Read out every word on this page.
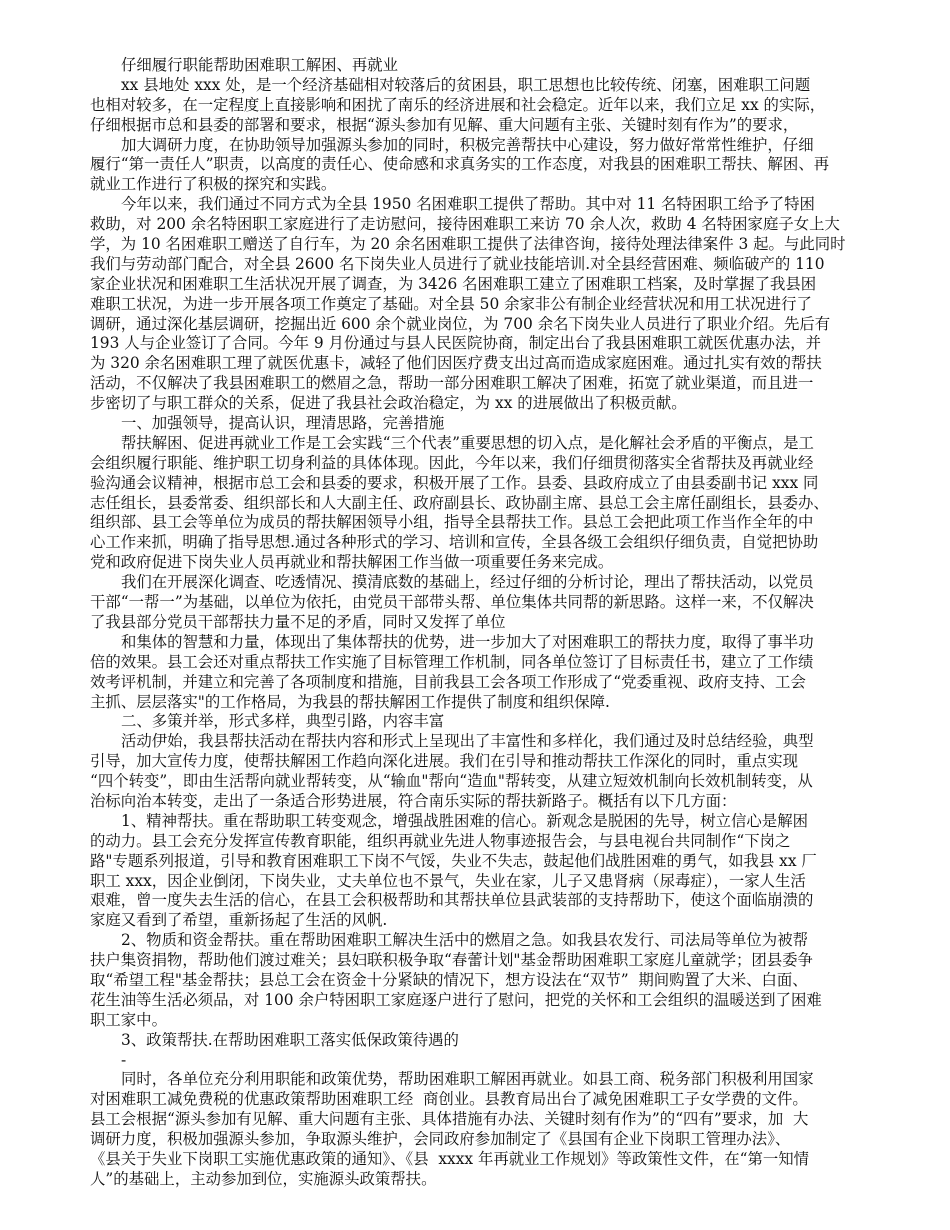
仔细履行职能帮助困难职工解困、再就业
xx 县地处 xxx 处，是一个经济基础相对较落后的贫困县，职工思想也比较传统、闭塞，困难职工问题
也相对较多，在一定程度上直接影响和困扰了南乐的经济进展和社会稳定。近年以来，我们立足 xx 的实际，
仔细根据市总和县委的部署和要求，根据“源头参加有见解、重大问题有主张、关键时刻有作为”的要求，
加大调研力度，在协助领导加强源头参加的同时，积极完善帮扶中心建设，努力做好常常性维护，仔细
履行“第一责任人”职责，以高度的责任心、使命感和求真务实的工作态度，对我县的困难职工帮扶、解困、再
就业工作进行了积极的探究和实践。
今年以来，我们通过不同方式为全县 1950 名困难职工提供了帮助。其中对 11 名特困职工给予了特困
救助，对 200 余名特困职工家庭进行了走访慰问，接待困难职工来访 70 余人次，救助 4 名特困家庭子女上大
学，为 10 名困难职工赠送了自行车，为 20 余名困难职工提供了法律咨询，接待处理法律案件 3 起。与此同时
我们与劳动部门配合，对全县 2600 名下岗失业人员进行了就业技能培训.对全县经营困难、频临破产的 110
家企业状况和困难职工生活状况开展了调查，为 3426 名困难职工建立了困难职工档案，及时掌握了我县困
难职工状况，为进一步开展各项工作奠定了基础。对全县 50 余家非公有制企业经营状况和用工状况进行了
调研，通过深化基层调研，挖掘出近 600 余个就业岗位，为 700 余名下岗失业人员进行了职业介绍。先后有
193 人与企业签订了合同。今年 9 月份通过与县人民医院协商，制定出台了我县困难职工就医优惠办法，并
为 320 余名困难职工理了就医优惠卡，减轻了他们因医疗费支出过高而造成家庭困难。通过扎实有效的帮扶
活动，不仅解决了我县困难职工的燃眉之急，帮助一部分困难职工解决了困难，拓宽了就业渠道，而且进一
步密切了与职工群众的关系，促进了我县社会政治稳定，为 xx 的进展做出了积极贡献。
一、加强领导，提高认识，理清思路，完善措施
帮扶解困、促进再就业工作是工会实践“三个代表”重要思想的切入点，是化解社会矛盾的平衡点，是工
会组织履行职能、维护职工切身利益的具体体现。因此，今年以来，我们仔细贯彻落实全省帮扶及再就业经
验沟通会议精神，根据市总工会和县委的要求，积极开展了工作。县委、县政府成立了由县委副书记 xxx 同
志任组长，县委常委、组织部长和人大副主任、政府副县长、政协副主席、县总工会主席任副组长，县委办、
组织部、县工会等单位为成员的帮扶解困领导小组，指导全县帮扶工作。县总工会把此项工作当作全年的中
心工作来抓，明确了指导思想.通过各种形式的学习、培训和宣传，全县各级工会组织仔细负责，自觉把协助
党和政府促进下岗失业人员再就业和帮扶解困工作当做一项重要任务来完成。
我们在开展深化调查、吃透情况、摸清底数的基础上，经过仔细的分析讨论，理出了帮扶活动，以党员
干部“一帮一”为基础，以单位为依托，由党员干部带头帮、单位集体共同帮的新思路。这样一来，不仅解决
了我县部分党员干部帮扶力量不足的矛盾，同时又发挥了单位
和集体的智慧和力量，体现出了集体帮扶的优势，进一步加大了对困难职工的帮扶力度，取得了事半功
倍的效果。县工会还对重点帮扶工作实施了目标管理工作机制，同各单位签订了目标责任书，建立了工作绩
效考评机制，并建立和完善了各项制度和措施，目前我县工会各项工作形成了“党委重视、政府支持、工会
主抓、层层落实"的工作格局，为我县的帮扶解困工作提供了制度和组织保障.
二、多策并举，形式多样，典型引路，内容丰富
活动伊始，我县帮扶活动在帮扶内容和形式上呈现出了丰富性和多样化，我们通过及时总结经验，典型
引导，加大宣传力度，使帮扶解困工作趋向深化进展。我们在引导和推动帮扶工作深化的同时，重点实现
“四个转变”，即由生活帮向就业帮转变，从“输血"帮向“造血"帮转变，从建立短效机制向长效机制转变，从
治标向治本转变，走出了一条适合形势进展，符合南乐实际的帮扶新路子。概括有以下几方面：
1、精神帮扶。重在帮助职工转变观念，增强战胜困难的信心。新观念是脱困的先导，树立信心是解困
的动力。县工会充分发挥宣传教育职能，组织再就业先进人物事迹报告会，与县电视台共同制作“下岗之
路"专题系列报道，引导和教育困难职工下岗不气馁，失业不失志，鼓起他们战胜困难的勇气，如我县 xx 厂
职工 xxx，因企业倒闭，下岗失业，丈夫单位也不景气，失业在家，儿子又患肾病（尿毒症），一家人生活
艰难，曾一度失去生活的信心，在县工会积极帮助和其帮扶单位县武装部的支持帮助下，使这个面临崩溃的
家庭又看到了希望，重新扬起了生活的风帆.
2、物质和资金帮扶。重在帮助困难职工解决生活中的燃眉之急。如我县农发行、司法局等单位为被帮
扶户集资捐物，帮助他们渡过难关；县妇联积极争取“春蕾计划"基金帮助困难职工家庭儿童就学；团县委争
取“希望工程"基金帮扶；县总工会在资金十分紧缺的情况下，想方设法在“双节”  期间购置了大米、白面、
花生油等生活必须品，对 100 余户特困职工家庭逐户进行了慰问，把党的关怀和工会组织的温暖送到了困难
职工家中。
3、政策帮扶.在帮助困难职工落实低保政策待遇的
-
同时，各单位充分利用职能和政策优势，帮助困难职工解困再就业。如县工商、税务部门积极利用国家
对困难职工减免费税的优惠政策帮助困难职工经  商创业。县教育局出台了减免困难职工子女学费的文件。
县工会根据“源头参加有见解、重大问题有主张、具体措施有办法、关键时刻有作为”的“四有”要求，加  大
调研力度，积极加强源头参加，争取源头维护，会同政府参加制定了《县国有企业下岗职工管理办法》、
《县关于失业下岗职工实施优惠政策的通知》、《县  xxxx 年再就业工作规划》等政策性文件，在“第一知情
人”的基础上，主动参加到位，实施源头政策帮扶。
